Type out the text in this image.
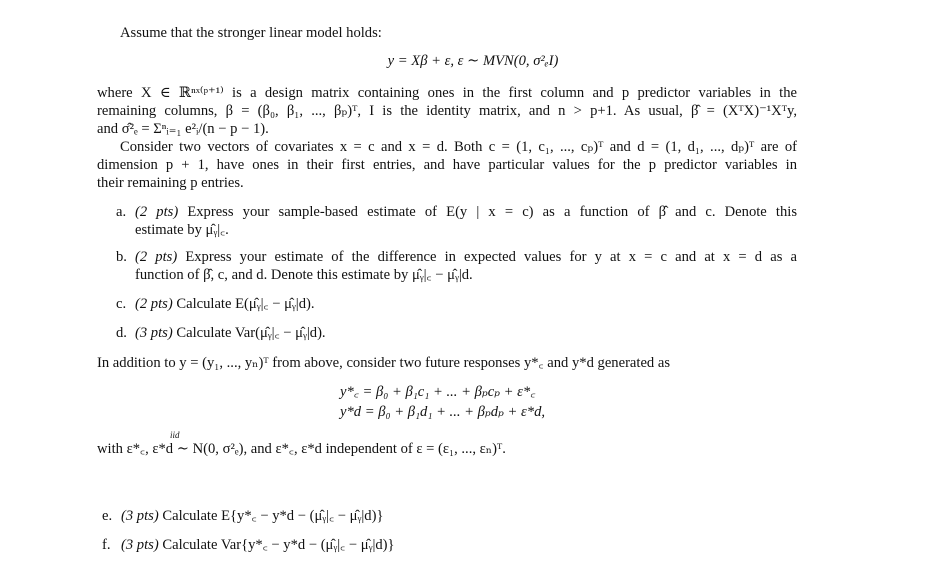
Assume that the stronger linear model holds:
y = Xβ + ε, ε ∼ MVN(0, σ²ₑI)
where X ∈ ℝⁿˣ⁽ᵖ⁺¹⁾ is a design matrix containing ones in the first column and p predictor variables in the
remaining columns, β = (β₀, β₁, ..., βₚ)ᵀ, I is the identity matrix, and n > p+1. As usual, β̂ = (XᵀX)⁻¹Xᵀy,
and σ̂²ₑ = Σⁿᵢ₌₁ e²ᵢ/(n − p − 1).
Consider two vectors of covariates x = c and x = d. Both c = (1, c₁, ..., cₚ)ᵀ and d = (1, d₁, ..., dₚ)ᵀ are of
dimension p + 1, have ones in their first entries, and have particular values for the p predictor variables in
their remaining p entries.
a. (2 pts) Express your sample-based estimate of E(y | x = c) as a function of β̂ and c. Denote this
estimate by μ̂ᵧ|꜀.
b. (2 pts) Express your estimate of the difference in expected values for y at x = c and at x = d as a
function of β̂, c, and d. Denote this estimate by μ̂ᵧ|꜀ − μ̂ᵧ|d.
c. (2 pts) Calculate E(μ̂ᵧ|꜀ − μ̂ᵧ|d).
d. (3 pts) Calculate Var(μ̂ᵧ|꜀ − μ̂ᵧ|d).
In addition to y = (y₁, ..., yₙ)ᵀ from above, consider two future responses y*꜀ and y*d generated as
y*꜀ = β₀ + β₁c₁ + ... + βₚcₚ + ε*꜀
y*d = β₀ + β₁d₁ + ... + βₚdₚ + ε*d,
with ε*꜀, ε*d ∼ N(0, σ²ₑ), and ε*꜀, ε*d independent of ε = (ε₁, ..., εₙ)ᵀ.
iid
e. (3 pts) Calculate E{y*꜀ − y*d − (μ̂ᵧ|꜀ − μ̂ᵧ|d)}
f. (3 pts) Calculate Var{y*꜀ − y*d − (μ̂ᵧ|꜀ − μ̂ᵧ|d)}
